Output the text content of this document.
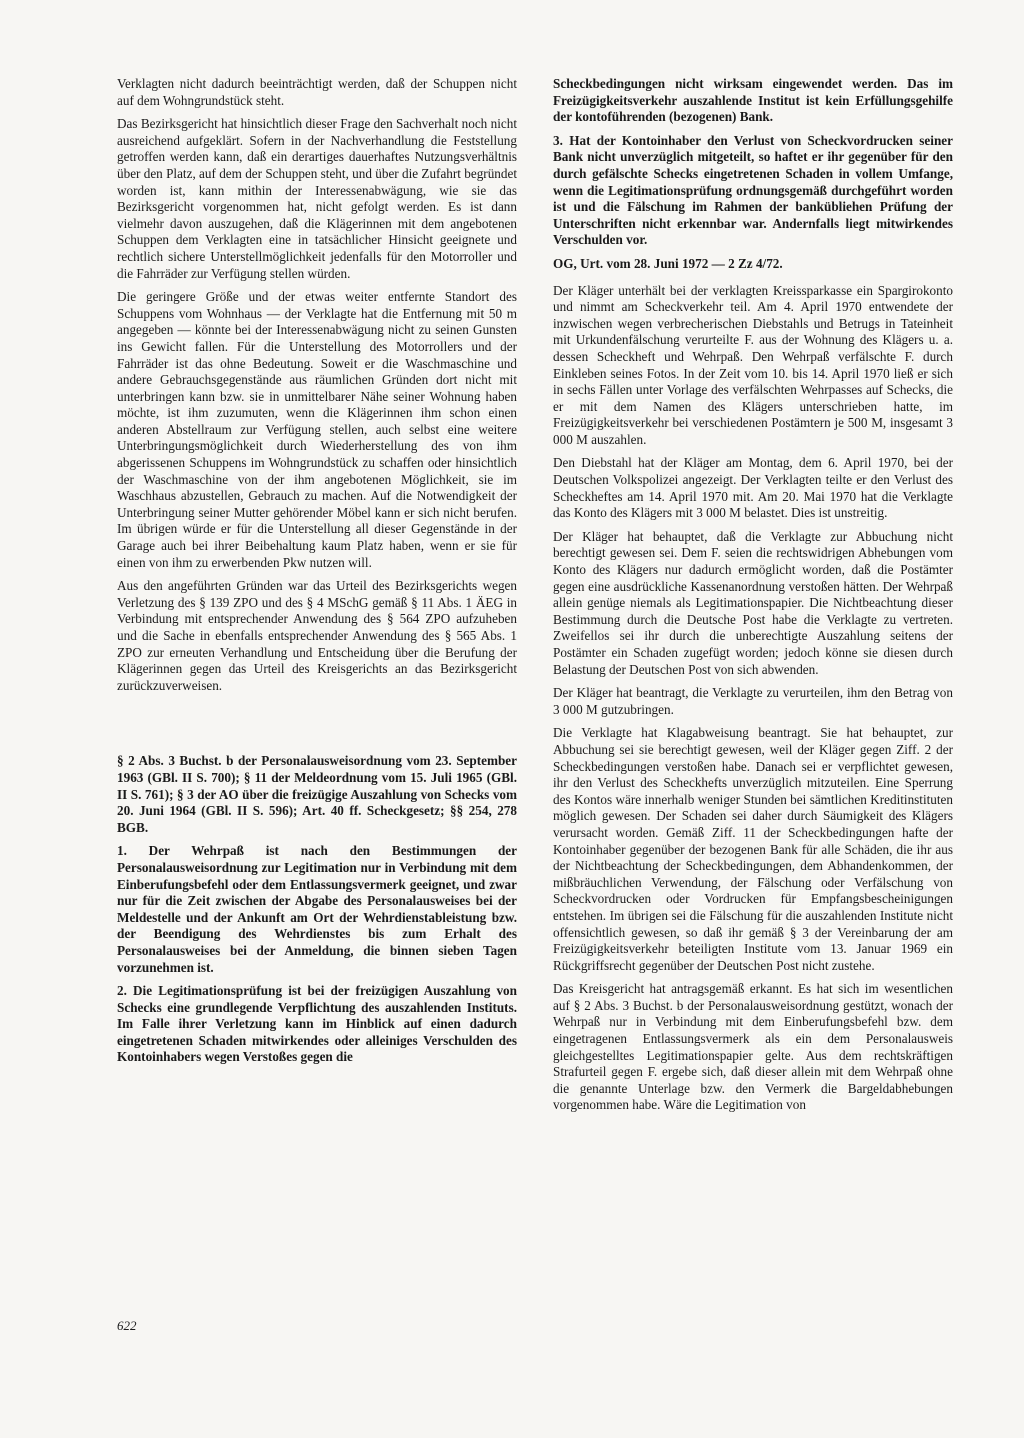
Verklagten nicht dadurch beeinträchtigt werden, daß der Schuppen nicht auf dem Wohngrundstück steht.

Das Bezirksgericht hat hinsichtlich dieser Frage den Sachverhalt noch nicht ausreichend aufgeklärt. Sofern in der Nachverhandlung die Feststellung getroffen werden kann, daß ein derartiges dauerhaftes Nutzungsverhältnis über den Platz, auf dem der Schuppen steht, und über die Zufahrt begründet worden ist, kann mithin der Interessenabwägung, wie sie das Bezirksgericht vorgenommen hat, nicht gefolgt werden. Es ist dann vielmehr davon auszugehen, daß die Klägerinnen mit dem angebotenen Schuppen dem Verklagten eine in tatsächlicher Hinsicht geeignete und rechtlich sichere Unterstellmöglichkeit jedenfalls für den Motorroller und die Fahrräder zur Verfügung stellen würden.

Die geringere Größe und der etwas weiter entfernte Standort des Schuppens vom Wohnhaus — der Verklagte hat die Entfernung mit 50 m angegeben — könnte bei der Interessenabwägung nicht zu seinen Gunsten ins Gewicht fallen. Für die Unterstellung des Motorrollers und der Fahrräder ist das ohne Bedeutung. Soweit er die Waschmaschine und andere Gebrauchsgegenstände aus räumlichen Gründen dort nicht mit unterbringen kann bzw. sie in unmittelbarer Nähe seiner Wohnung haben möchte, ist ihm zuzumuten, wenn die Klägerinnen ihm schon einen anderen Abstellraum zur Verfügung stellen, auch selbst eine weitere Unterbringungsmöglichkeit durch Wiederherstellung des von ihm abgerissenen Schuppens im Wohngrundstück zu schaffen oder hinsichtlich der Waschmaschine von der ihm angebotenen Möglichkeit, sie im Waschhaus abzustellen, Gebrauch zu machen. Auf die Notwendigkeit der Unterbringung seiner Mutter gehörender Möbel kann er sich nicht berufen. Im übrigen würde er für die Unterstellung all dieser Gegenstände in der Garage auch bei ihrer Beibehaltung kaum Platz haben, wenn er sie für einen von ihm zu erwerbenden Pkw nutzen will.

Aus den angeführten Gründen war das Urteil des Bezirksgerichts wegen Verletzung des § 139 ZPO und des § 4 MSchG gemäß § 11 Abs. 1 ÄEG in Verbindung mit entsprechender Anwendung des § 564 ZPO aufzuheben und die Sache in ebenfalls entsprechender Anwendung des § 565 Abs. 1 ZPO zur erneuten Verhandlung und Entscheidung über die Berufung der Klägerinnen gegen das Urteil des Kreisgerichts an das Bezirksgericht zurückzuverweisen.

§ 2 Abs. 3 Buchst. b der Personalausweisordnung vom 23. September 1963 (GBl. II S. 700); § 11 der Meldeordnung vom 15. Juli 1965 (GBl. II S. 761); § 3 der AO über die freizügige Auszahlung von Schecks vom 20. Juni 1964 (GBl. II S. 596); Art. 40 ff. Scheckgesetz; §§ 254, 278 BGB.

1. Der Wehrpaß ist nach den Bestimmungen der Personalausweisordnung zur Legitimation nur in Verbindung mit dem Einberufungsbefehl oder dem Entlassungsvermerk geeignet, und zwar nur für die Zeit zwischen der Abgabe des Personalausweises bei der Meldestelle und der Ankunft am Ort der Wehrdienstableistung bzw. der Beendigung des Wehrdienstes bis zum Erhalt des Personalausweises bei der Anmeldung, die binnen sieben Tagen vorzunehmen ist.

2. Die Legitimationsprüfung ist bei der freizügigen Auszahlung von Schecks eine grundlegende Verpflichtung des auszahlenden Instituts. Im Falle ihrer Verletzung kann im Hinblick auf einen dadurch eingetretenen Schaden mitwirkendes oder alleiniges Verschulden des Kontoinhabers wegen Verstoßes gegen die

Scheckbedingungen nicht wirksam eingewendet werden. Das im Freizügigkeitsverkehr auszahlende Institut ist kein Erfüllungsgehilfe der kontoführenden (bezogenen) Bank.

3. Hat der Kontoinhaber den Verlust von Scheckvordrucken seiner Bank nicht unverzüglich mitgeteilt, so haftet er ihr gegenüber für den durch gefälschte Schecks eingetretenen Schaden in vollem Umfange, wenn die Legitimationsprüfung ordnungsgemäß durchgeführt worden ist und die Fälschung im Rahmen der bankübliehen Prüfung der Unterschriften nicht erkennbar war. Andernfalls liegt mitwirkendes Verschulden vor.

OG, Urt. vom 28. Juni 1972 — 2 Zz 4/72.

Der Kläger unterhält bei der verklagten Kreissparkasse ein Spargirokonto und nimmt am Scheckverkehr teil. Am 4. April 1970 entwendete der inzwischen wegen verbrecherischen Diebstahls und Betrugs in Tateinheit mit Urkundenfälschung verurteilte F. aus der Wohnung des Klägers u. a. dessen Scheckheft und Wehrpaß. Den Wehrpaß verfälschte F. durch Einkleben seines Fotos. In der Zeit vom 10. bis 14. April 1970 ließ er sich in sechs Fällen unter Vorlage des verfälschten Wehrpasses auf Schecks, die er mit dem Namen des Klägers unterschrieben hatte, im Freizügigkeitsverkehr bei verschiedenen Postämtern je 500 M, insgesamt 3 000 M auszahlen.

Den Diebstahl hat der Kläger am Montag, dem 6. April 1970, bei der Deutschen Volkspolizei angezeigt. Der Verklagten teilte er den Verlust des Scheckheftes am 14. April 1970 mit. Am 20. Mai 1970 hat die Verklagte das Konto des Klägers mit 3 000 M belastet. Dies ist unstreitig.

Der Kläger hat behauptet, daß die Verklagte zur Abbuchung nicht berechtigt gewesen sei. Dem F. seien die rechtswidrigen Abhebungen vom Konto des Klägers nur dadurch ermöglicht worden, daß die Postämter gegen eine ausdrückliche Kassenanordnung verstoßen hätten. Der Wehrpaß allein genüge niemals als Legitimationspapier. Die Nichtbeachtung dieser Bestimmung durch die Deutsche Post habe die Verklagte zu vertreten. Zweifellos sei ihr durch die unberechtigte Auszahlung seitens der Postämter ein Schaden zugefügt worden; jedoch könne sie diesen durch Belastung der Deutschen Post von sich abwenden.

Der Kläger hat beantragt, die Verklagte zu verurteilen, ihm den Betrag von 3 000 M gutzubringen.

Die Verklagte hat Klagabweisung beantragt. Sie hat behauptet, zur Abbuchung sei sie berechtigt gewesen, weil der Kläger gegen Ziff. 2 der Scheckbedingungen verstoßen habe. Danach sei er verpflichtet gewesen, ihr den Verlust des Scheckhefts unverzüglich mitzuteilen. Eine Sperrung des Kontos wäre innerhalb weniger Stunden bei sämtlichen Kreditinstituten möglich gewesen. Der Schaden sei daher durch Säumigkeit des Klägers verursacht worden. Gemäß Ziff. 11 der Scheckbedingungen hafte der Kontoinhaber gegenüber der bezogenen Bank für alle Schäden, die ihr aus der Nichtbeachtung der Scheckbedingungen, dem Abhandenkommen, der mißbräuchlichen Verwendung, der Fälschung oder Verfälschung von Scheckvordrucken oder Vordrucken für Empfangsbescheinigungen entstehen. Im übrigen sei die Fälschung für die auszahlenden Institute nicht offensichtlich gewesen, so daß ihr gemäß § 3 der Vereinbarung der am Freizügigkeitsverkehr beteiligten Institute vom 13. Januar 1969 ein Rückgriffsrecht gegenüber der Deutschen Post nicht zustehe.

Das Kreisgericht hat antragsgemäß erkannt. Es hat sich im wesentlichen auf § 2 Abs. 3 Buchst. b der Personalausweisordnung gestützt, wonach der Wehrpaß nur in Verbindung mit dem Einberufungsbefehl bzw. dem eingetragenen Entlassungsvermerk als ein dem Personalausweis gleichgestelltes Legitimationspapier gelte. Aus dem rechtskräftigen Strafurteil gegen F. ergebe sich, daß dieser allein mit dem Wehrpaß ohne die genannte Unterlage bzw. den Vermerk die Bargeldabhebungen vorgenommen habe. Wäre die Legitimation von

622
